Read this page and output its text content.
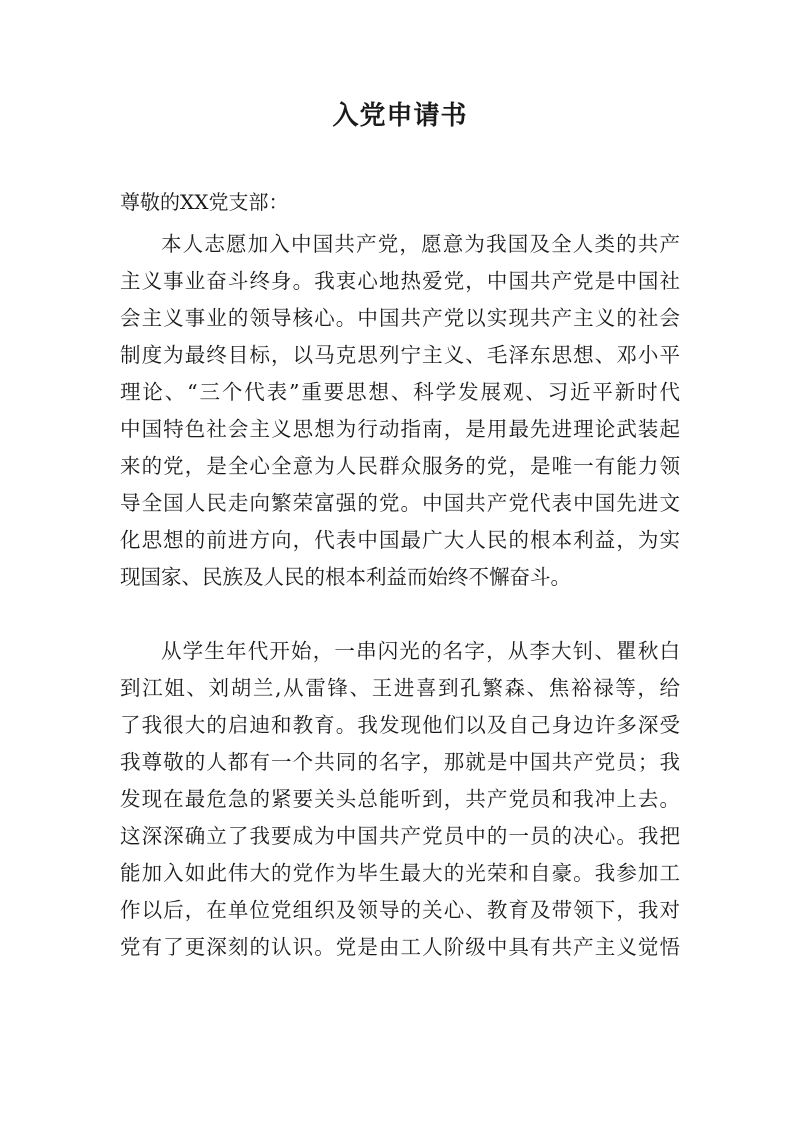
入党申请书
尊敬的XX党支部：
本人志愿加入中国共产党，愿意为我国及全人类的共产
主义事业奋斗终身。我衷心地热爱党，中国共产党是中国社
会主义事业的领导核心。中国共产党以实现共产主义的社会
制度为最终目标，以马克思列宁主义、毛泽东思想、邓小平
理论、“三个代表”重要思想、科学发展观、习近平新时代
中国特色社会主义思想为行动指南，是用最先进理论武装起
来的党，是全心全意为人民群众服务的党，是唯一有能力领
导全国人民走向繁荣富强的党。中国共产党代表中国先进文
化思想的前进方向，代表中国最广大人民的根本利益，为实
现国家、民族及人民的根本利益而始终不懈奋斗。
从学生年代开始，一串闪光的名字，从李大钊、瞿秋白
到江姐、刘胡兰,从雷锋、王进喜到孔繁森、焦裕禄等，给
了我很大的启迪和教育。我发现他们以及自己身边许多深受
我尊敬的人都有一个共同的名字，那就是中国共产党员；我
发现在最危急的紧要关头总能听到，共产党员和我冲上去。
这深深确立了我要成为中国共产党员中的一员的决心。我把
能加入如此伟大的党作为毕生最大的光荣和自豪。我参加工
作以后，在单位党组织及领导的关心、教育及带领下，我对
党有了更深刻的认识。党是由工人阶级中具有共产主义觉悟
